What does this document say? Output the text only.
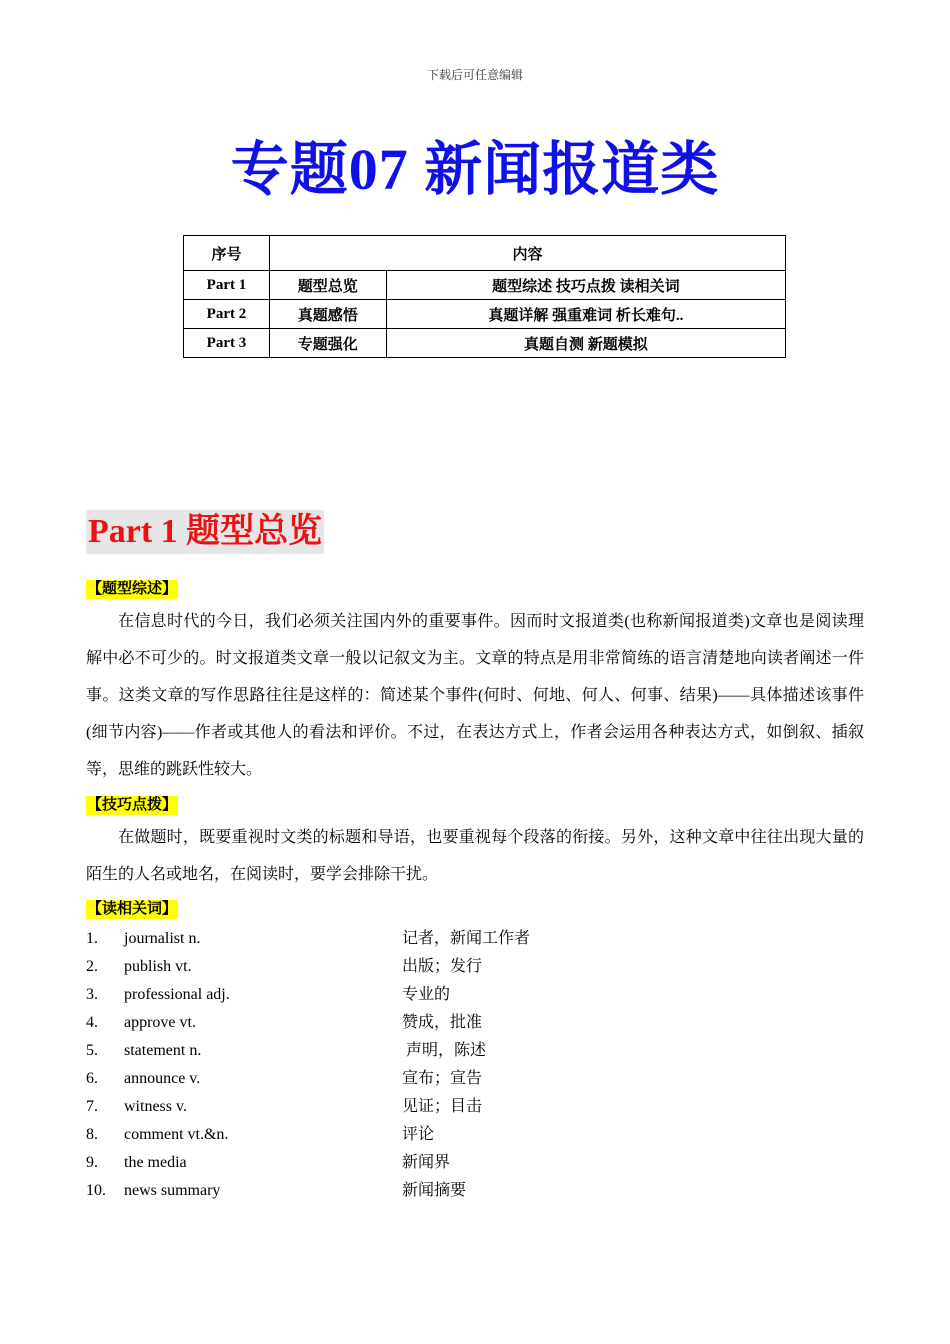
下载后可任意编辑
专题07 新闻报道类
序号	内容	
Part 1	题型总览	题型综述 技巧点拨 读相关词
Part 2	真题感悟	真题详解 强重难词 析长难句..
Part 3	专题强化	真题自测 新题模拟
Part 1 题型总览
【题型综述】

在信息时代的今日，我们必须关注国内外的重要事件。因而时文报道类(也称新闻报道类)文章也是阅读理解中必不可少的。时文报道类文章一般以记叙文为主。文章的特点是用非常简练的语言清楚地向读者阐述一件事。这类文章的写作思路往往是这样的：简述某个事件(何时、何地、何人、何事、结果)——具体描述该事件(细节内容)——作者或其他人的看法和评价。不过，在表达方式上，作者会运用各种表达方式，如倒叙、插叙等，思维的跳跃性较大。

【技巧点拨】

在做题时，既要重视时文类的标题和导语，也要重视每个段落的衔接。另外，这种文章中往往出现大量的陌生的人名或地名，在阅读时，要学会排除干扰。

【读相关词】
1. journalist n.	记者，新闻工作者
2. publish vt.	出版；发行
3. professional adj.	专业的
4. approve vt.	赞成，批准
5. statement n.	声明，陈述
6. announce v.	宣布；宣告
7. witness v.	见证；目击
8. comment vt.&n.	评论
9. the media	新闻界
10. news summary	新闻摘要
